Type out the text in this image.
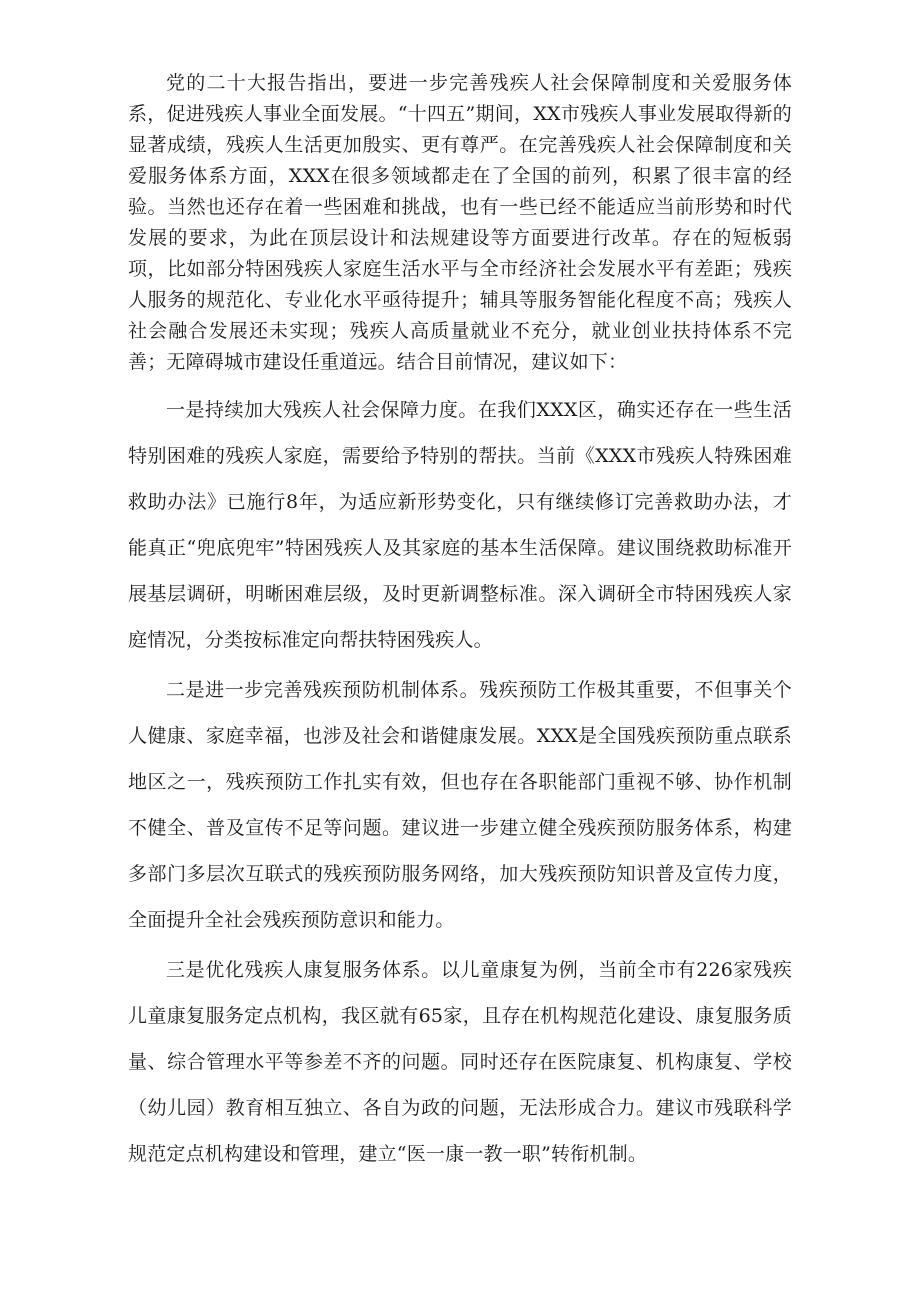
党的二十大报告指出，要进一步完善残疾人社会保障制度和关爱服务体系，促进残疾人事业全面发展。“十四五”期间，XX市残疾人事业发展取得新的显著成绩，残疾人生活更加殷实、更有尊严。在完善残疾人社会保障制度和关爱服务体系方面，XXX在很多领域都走在了全国的前列，积累了很丰富的经验。当然也还存在着一些困难和挑战，也有一些已经不能适应当前形势和时代发展的要求，为此在顶层设计和法规建设等方面要进行改革。存在的短板弱项，比如部分特困残疾人家庭生活水平与全市经济社会发展水平有差距；残疾人服务的规范化、专业化水平亟待提升；辅具等服务智能化程度不高；残疾人社会融合发展还未实现；残疾人高质量就业不充分，就业创业扶持体系不完善；无障碍城市建设任重道远。结合目前情况，建议如下：

一是持续加大残疾人社会保障力度。在我们XXX区，确实还存在一些生活特别困难的残疾人家庭，需要给予特别的帮扶。当前《XXX市残疾人特殊困难救助办法》已施行8年，为适应新形势变化，只有继续修订完善救助办法，才能真正“兜底兜牢”特困残疾人及其家庭的基本生活保障。建议围绕救助标准开展基层调研，明晰困难层级，及时更新调整标准。深入调研全市特困残疾人家庭情况，分类按标准定向帮扶特困残疾人。

二是进一步完善残疾预防机制体系。残疾预防工作极其重要，不但事关个人健康、家庭幸福，也涉及社会和谐健康发展。XXX是全国残疾预防重点联系地区之一，残疾预防工作扎实有效，但也存在各职能部门重视不够、协作机制不健全、普及宣传不足等问题。建议进一步建立健全残疾预防服务体系，构建多部门多层次互联式的残疾预防服务网络，加大残疾预防知识普及宣传力度，全面提升全社会残疾预防意识和能力。

三是优化残疾人康复服务体系。以儿童康复为例，当前全市有226家残疾儿童康复服务定点机构，我区就有65家，且存在机构规范化建设、康复服务质量、综合管理水平等参差不齐的问题。同时还存在医院康复、机构康复、学校（幼儿园）教育相互独立、各自为政的问题，无法形成合力。建议市残联科学规范定点机构建设和管理，建立“医一康一教一职”转衔机制。
